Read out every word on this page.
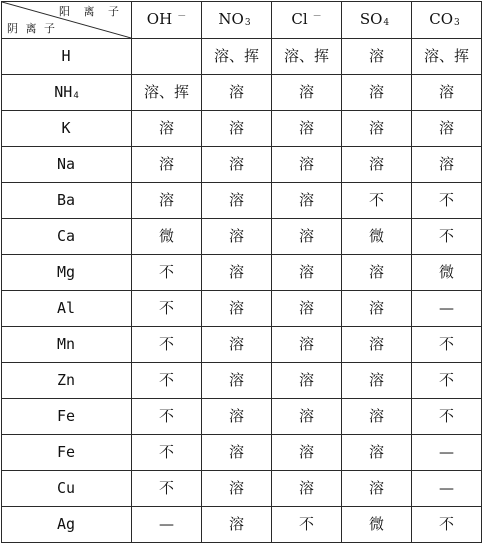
阳 离 子
阴 离 子	OH －	NO3	Cl －	SO4	CO3
H		溶、挥	溶、挥	溶	溶、挥
NH4	溶、挥	溶	溶	溶	溶
K	溶	溶	溶	溶	溶
Na	溶	溶	溶	溶	溶
Ba	溶	溶	溶	不	不
Ca	微	溶	溶	微	不
Mg	不	溶	溶	溶	微
Al	不	溶	溶	溶	—
Mn	不	溶	溶	溶	不
Zn	不	溶	溶	溶	不
Fe	不	溶	溶	溶	不
Fe	不	溶	溶	溶	—
Cu	不	溶	溶	溶	—
Ag	—	溶	不	微	不
